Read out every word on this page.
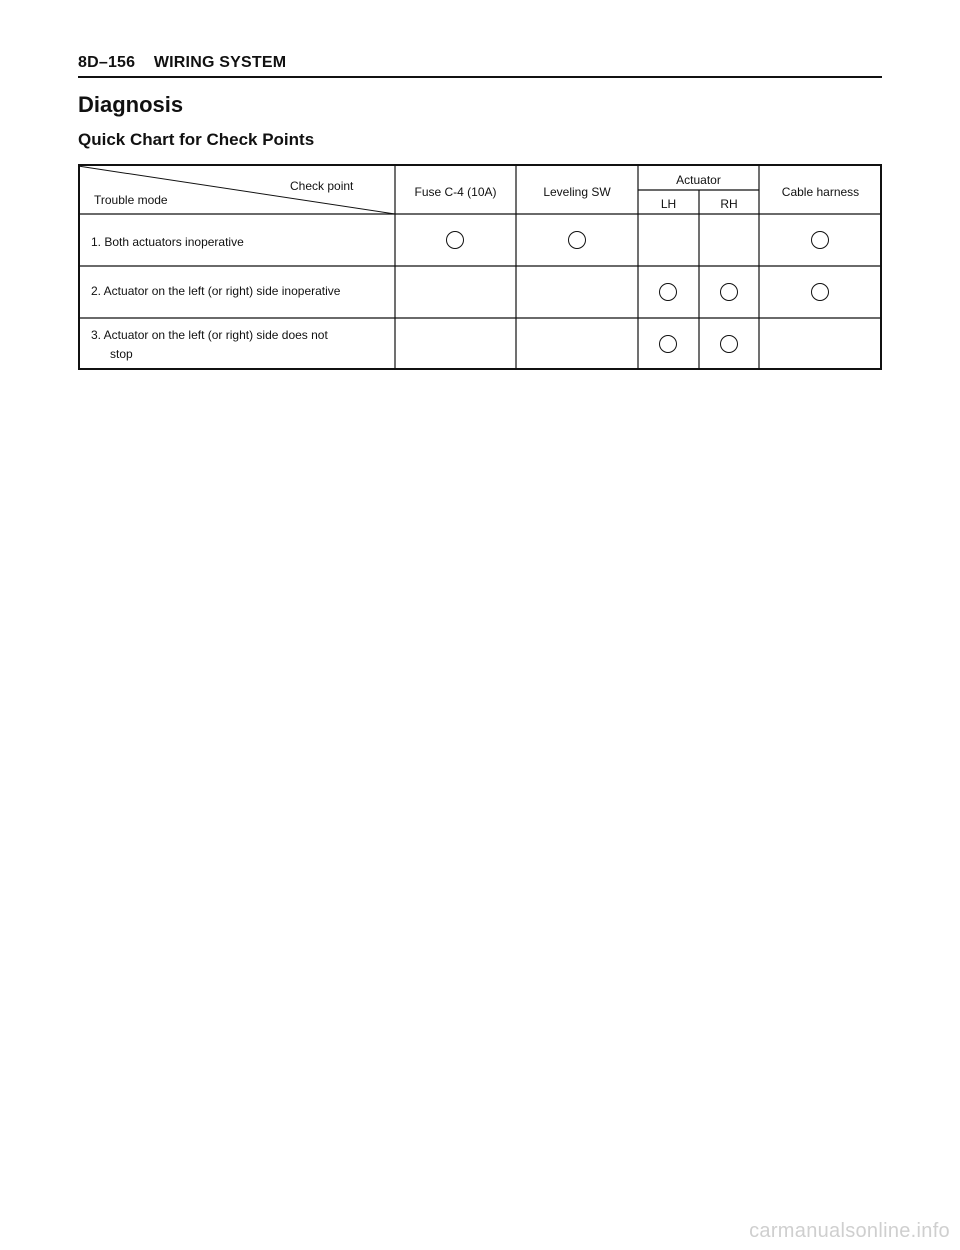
8D–156 WIRING SYSTEM
Diagnosis
Quick Chart for Check Points
Check point
Trouble mode
Fuse C-4 (10A)	Leveling SW
Actuator
LH	RH
Cable harness
1. Both actuators inoperative
2. Actuator on the left (or right) side inoperative
3. Actuator on the left (or right) side does not
stop
carmanualsonline.info
